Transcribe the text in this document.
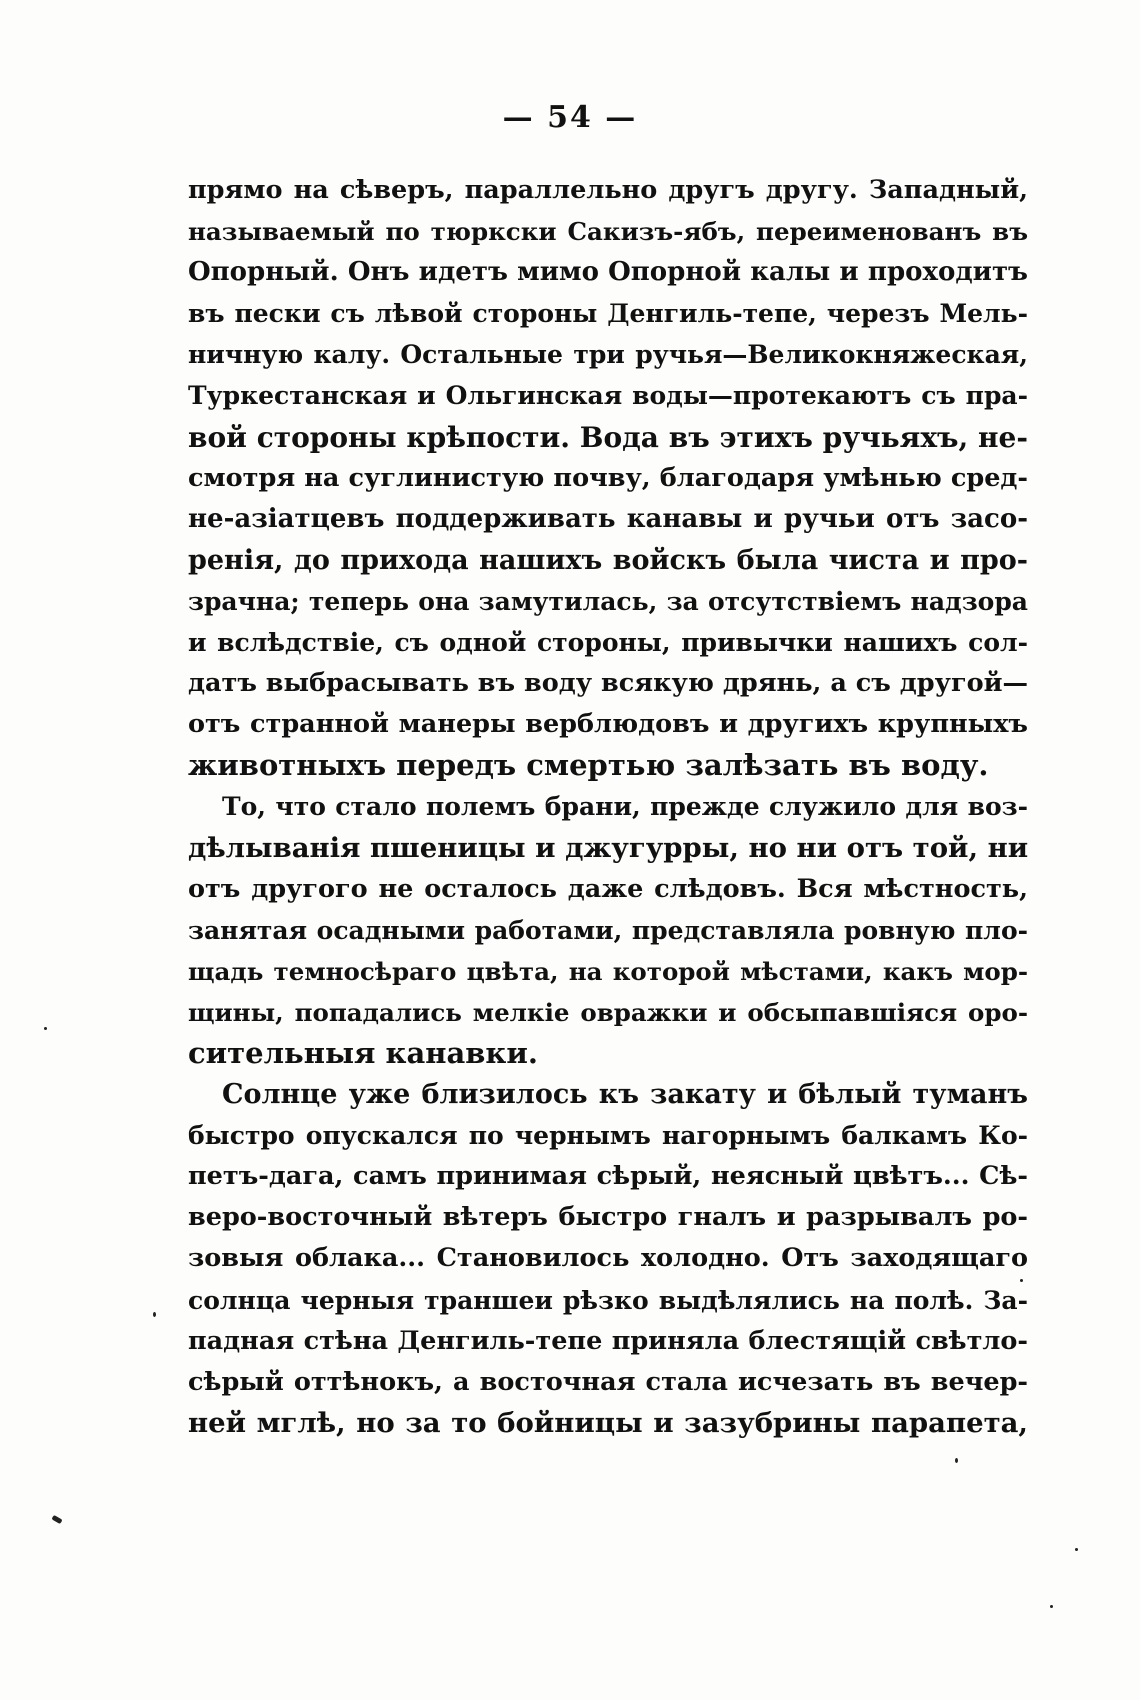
— 54 —
прямо на сѣверъ, параллельно другъ другу. Западный,
называемый по тюркски Сакизъ-ябъ, переименованъ въ
Опорный. Онъ идетъ мимо Опорной калы и проходитъ
въ пески съ лѣвой стороны Денгиль-тепе, черезъ Мель-
ничную калу. Остальные три ручья—Великокняжеская,
Туркестанская и Ольгинская воды—протекаютъ съ пра-
вой стороны крѣпости. Вода въ этихъ ручьяхъ, не-
смотря на суглинистую почву, благодаря умѣнью сред-
не-азіатцевъ поддерживать канавы и ручьи отъ засо-
ренія, до прихода нашихъ войскъ была чиста и про-
зрачна; теперь она замутилась, за отсутствіемъ надзора
и вслѣдствіе, съ одной стороны, привычки нашихъ сол-
датъ выбрасывать въ воду всякую дрянь, а съ другой—
отъ странной манеры верблюдовъ и другихъ крупныхъ
животныхъ передъ смертью залѣзать въ воду.
То, что стало полемъ брани, прежде служило для воз-
дѣлыванія пшеницы и джугурры, но ни отъ той, ни
отъ другого не осталось даже слѣдовъ. Вся мѣстность,
занятая осадными работами, представляла ровную пло-
щадь темносѣраго цвѣта, на которой мѣстами, какъ мор-
щины, попадались мелкіе овражки и обсыпавшіяся оро-
сительныя канавки.
Солнце уже близилось къ закату и бѣлый туманъ
быстро опускался по чернымъ нагорнымъ балкамъ Ко-
петъ-дага, самъ принимая сѣрый, неясный цвѣтъ... Сѣ-
веро-восточный вѣтеръ быстро гналъ и разрывалъ ро-
зовыя облака... Становилось холодно. Отъ заходящаго
солнца черныя траншеи рѣзко выдѣлялись на полѣ. За-
падная стѣна Денгиль-тепе приняла блестящій свѣтло-
сѣрый оттѣнокъ, а восточная стала исчезать въ вечер-
ней мглѣ, но за то бойницы и зазубрины парапета,
